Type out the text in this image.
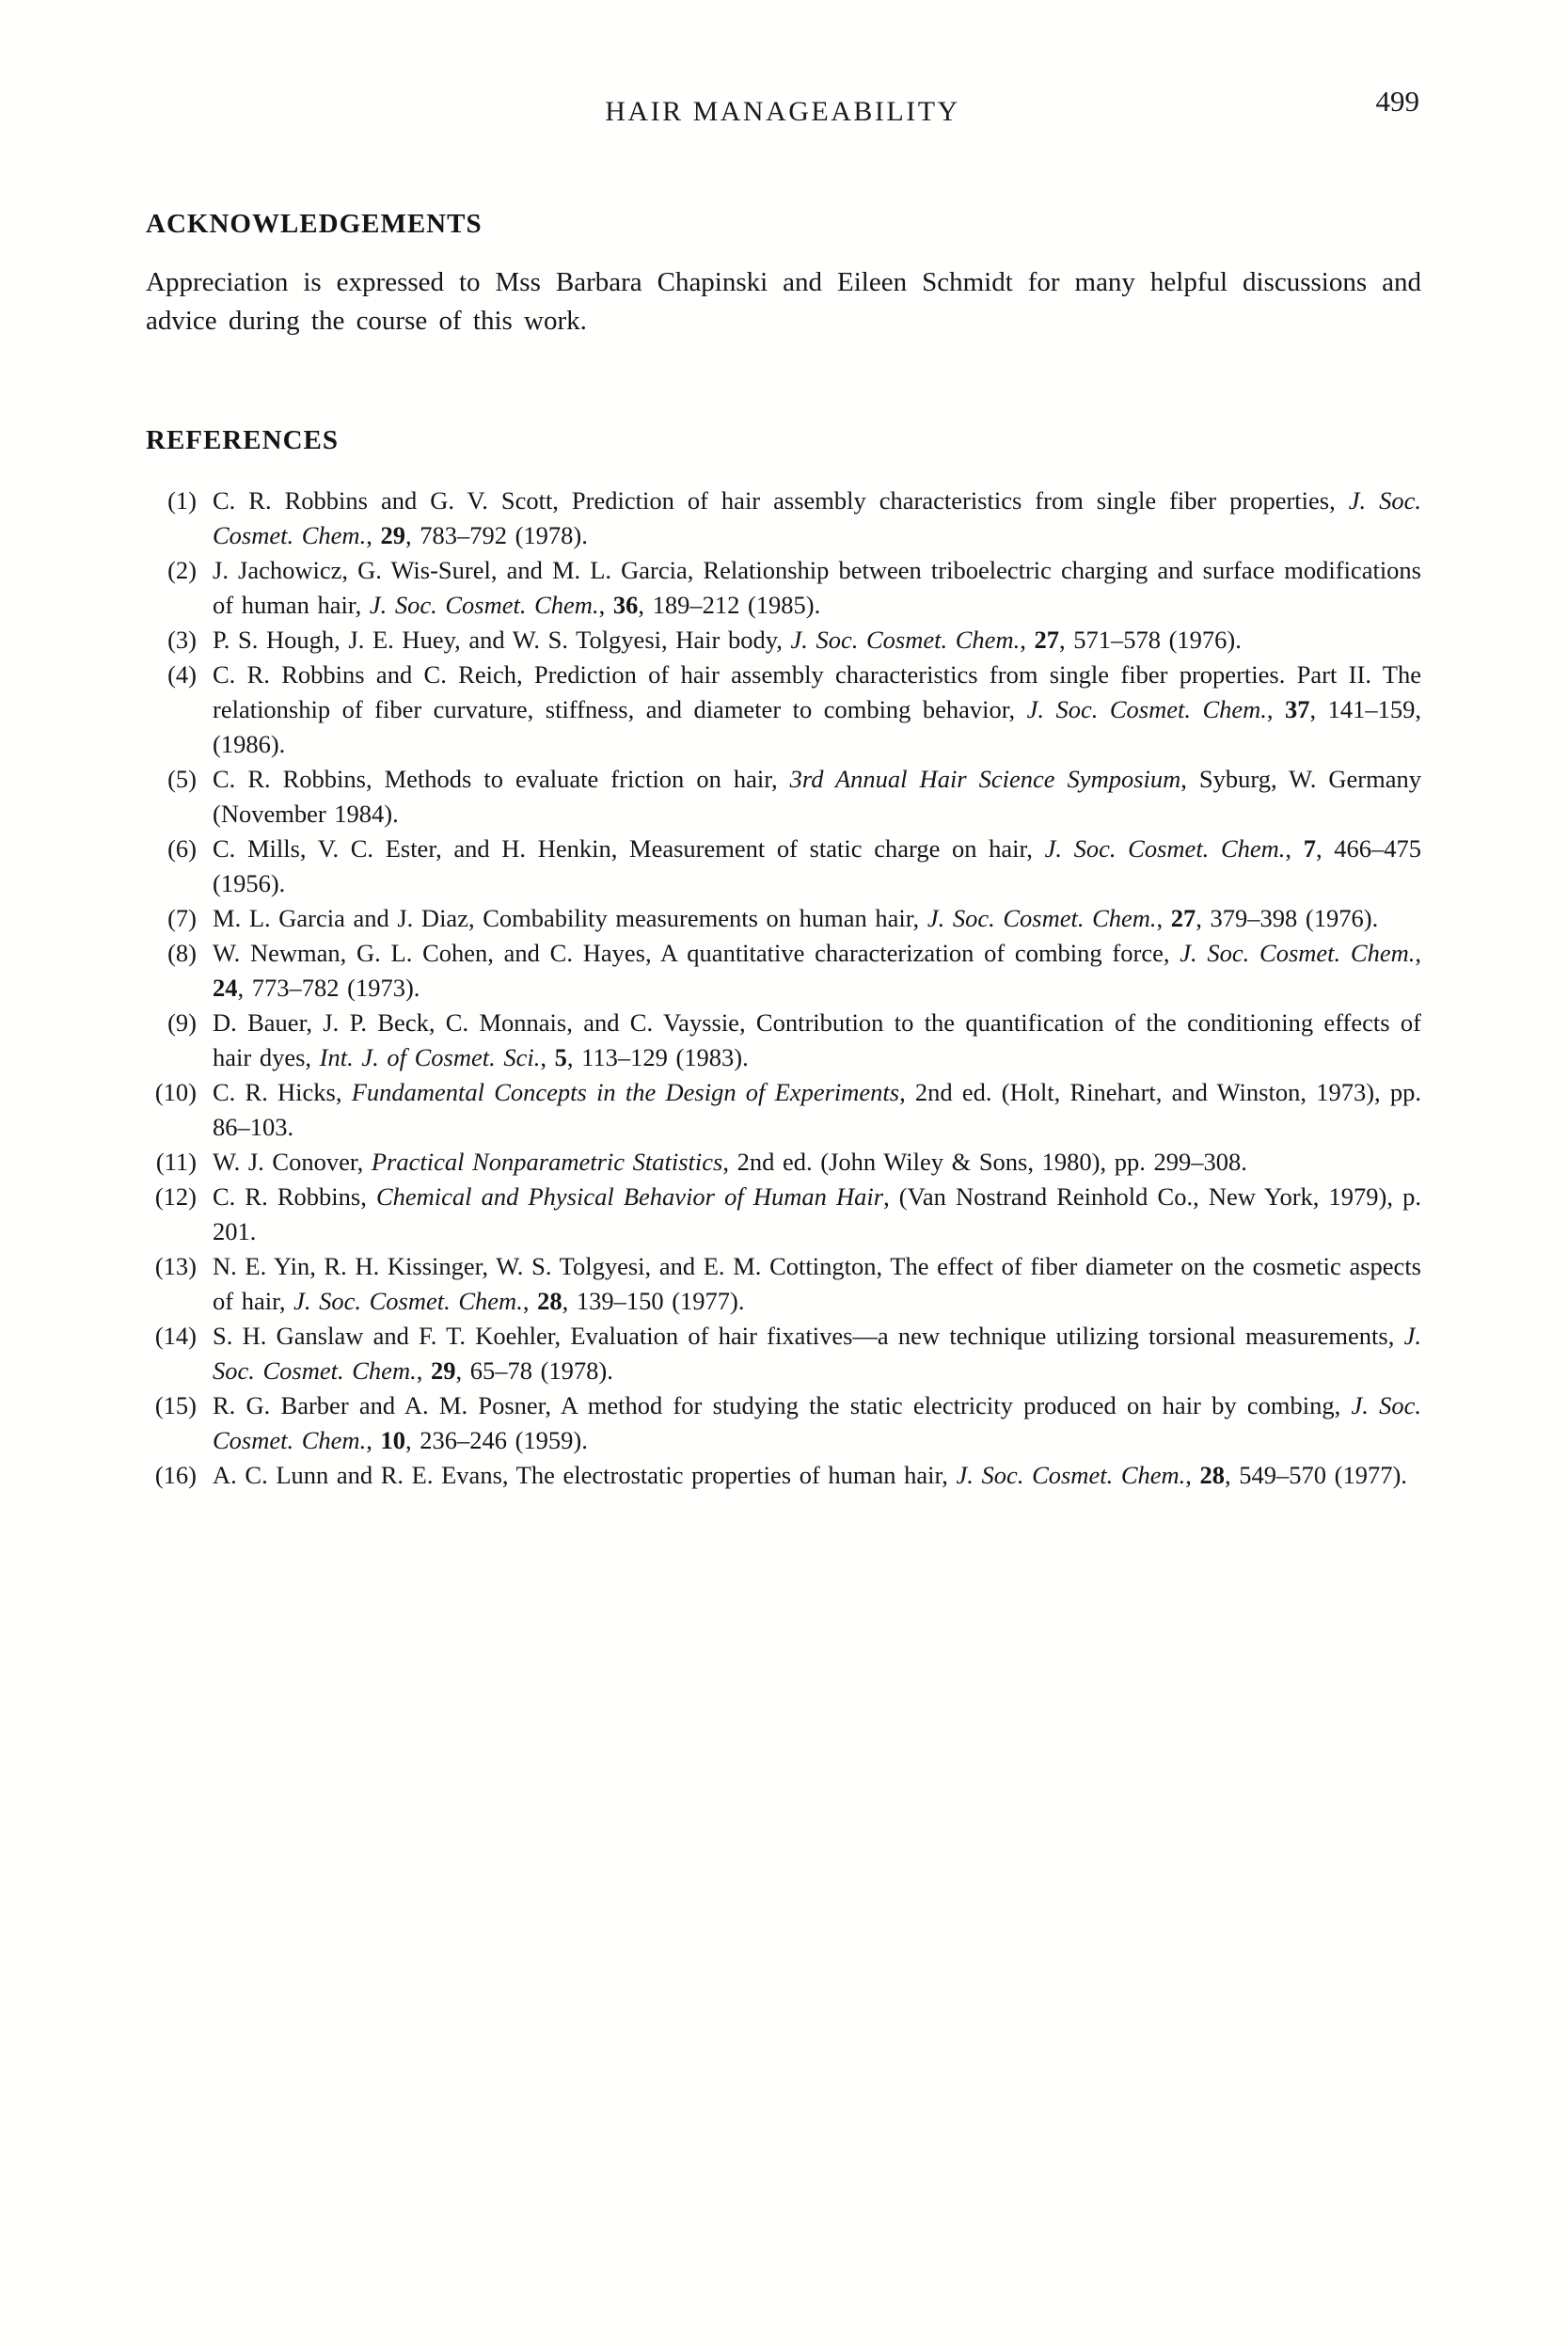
HAIR MANAGEABILITY	499
ACKNOWLEDGEMENTS
Appreciation is expressed to Mss Barbara Chapinski and Eileen Schmidt for many helpful discussions and advice during the course of this work.
REFERENCES
(1) C. R. Robbins and G. V. Scott, Prediction of hair assembly characteristics from single fiber properties, J. Soc. Cosmet. Chem., 29, 783–792 (1978).
(2) J. Jachowicz, G. Wis-Surel, and M. L. Garcia, Relationship between triboelectric charging and surface modifications of human hair, J. Soc. Cosmet. Chem., 36, 189–212 (1985).
(3) P. S. Hough, J. E. Huey, and W. S. Tolgyesi, Hair body, J. Soc. Cosmet. Chem., 27, 571–578 (1976).
(4) C. R. Robbins and C. Reich, Prediction of hair assembly characteristics from single fiber properties. Part II. The relationship of fiber curvature, stiffness, and diameter to combing behavior, J. Soc. Cosmet. Chem., 37, 141–159, (1986).
(5) C. R. Robbins, Methods to evaluate friction on hair, 3rd Annual Hair Science Symposium, Syburg, W. Germany (November 1984).
(6) C. Mills, V. C. Ester, and H. Henkin, Measurement of static charge on hair, J. Soc. Cosmet. Chem., 7, 466–475 (1956).
(7) M. L. Garcia and J. Diaz, Combability measurements on human hair, J. Soc. Cosmet. Chem., 27, 379–398 (1976).
(8) W. Newman, G. L. Cohen, and C. Hayes, A quantitative characterization of combing force, J. Soc. Cosmet. Chem., 24, 773–782 (1973).
(9) D. Bauer, J. P. Beck, C. Monnais, and C. Vayssie, Contribution to the quantification of the conditioning effects of hair dyes, Int. J. of Cosmet. Sci., 5, 113–129 (1983).
(10) C. R. Hicks, Fundamental Concepts in the Design of Experiments, 2nd ed. (Holt, Rinehart, and Winston, 1973), pp. 86–103.
(11) W. J. Conover, Practical Nonparametric Statistics, 2nd ed. (John Wiley & Sons, 1980), pp. 299–308.
(12) C. R. Robbins, Chemical and Physical Behavior of Human Hair, (Van Nostrand Reinhold Co., New York, 1979), p. 201.
(13) N. E. Yin, R. H. Kissinger, W. S. Tolgyesi, and E. M. Cottington, The effect of fiber diameter on the cosmetic aspects of hair, J. Soc. Cosmet. Chem., 28, 139–150 (1977).
(14) S. H. Ganslaw and F. T. Koehler, Evaluation of hair fixatives—a new technique utilizing torsional measurements, J. Soc. Cosmet. Chem., 29, 65–78 (1978).
(15) R. G. Barber and A. M. Posner, A method for studying the static electricity produced on hair by combing, J. Soc. Cosmet. Chem., 10, 236–246 (1959).
(16) A. C. Lunn and R. E. Evans, The electrostatic properties of human hair, J. Soc. Cosmet. Chem., 28, 549–570 (1977).
